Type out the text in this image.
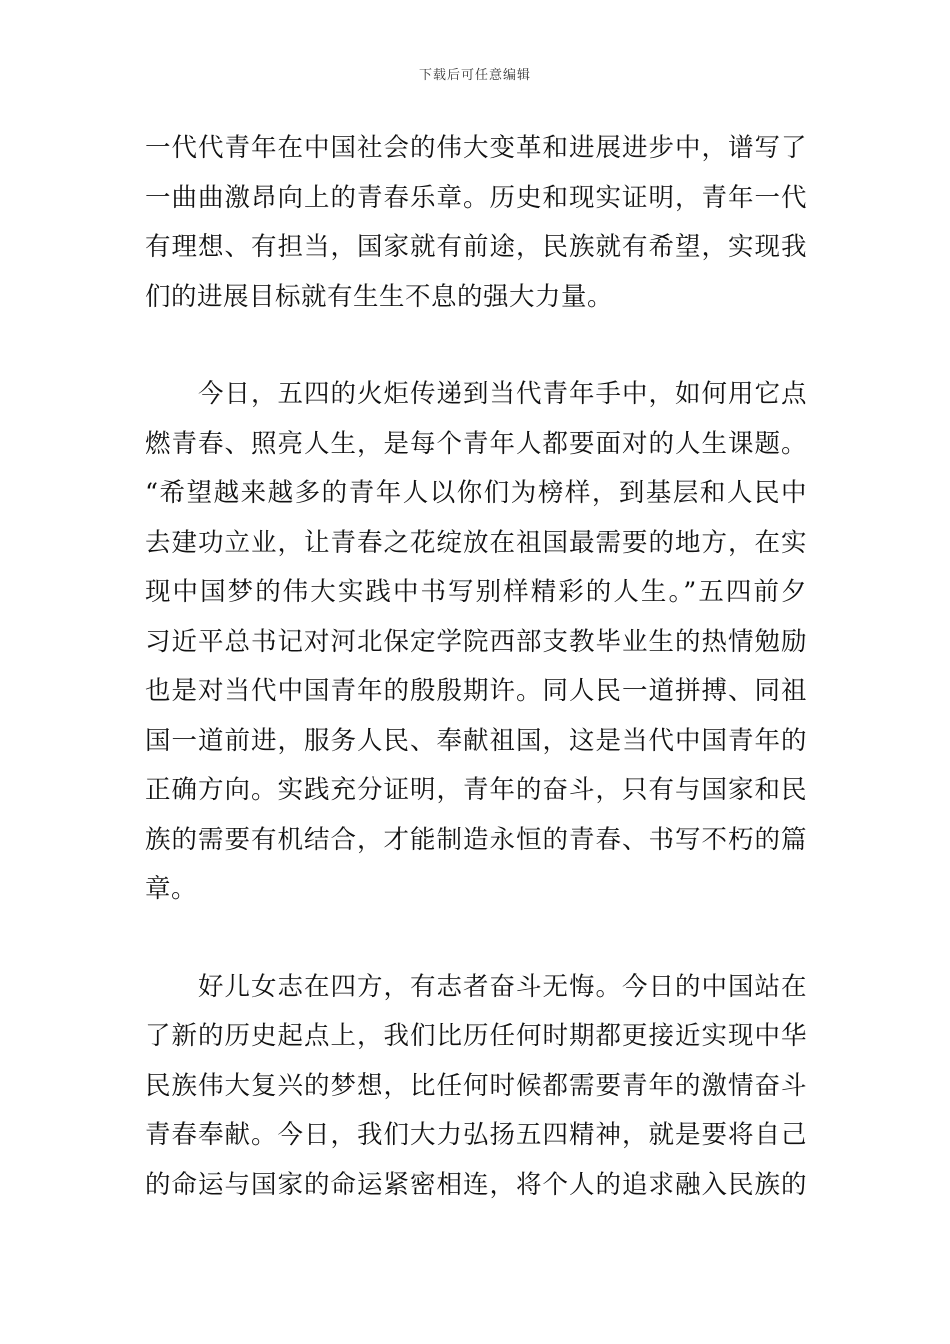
下载后可任意编辑
一代代青年在中国社会的伟大变革和进展进步中，谱写了
一曲曲激昂向上的青春乐章。历史和现实证明，青年一代
有理想、有担当，国家就有前途，民族就有希望，实现我
们的进展目标就有生生不息的强大力量。
　　今日，五四的火炬传递到当代青年手中，如何用它点
燃青春、照亮人生，是每个青年人都要面对的人生课题。
“希望越来越多的青年人以你们为榜样，到基层和人民中
去建功立业，让青春之花绽放在祖国最需要的地方，在实
现中国梦的伟大实践中书写别样精彩的人生。”五四前夕
习近平总书记对河北保定学院西部支教毕业生的热情勉励
也是对当代中国青年的殷殷期许。同人民一道拼搏、同祖
国一道前进，服务人民、奉献祖国，这是当代中国青年的
正确方向。实践充分证明，青年的奋斗，只有与国家和民
族的需要有机结合，才能制造永恒的青春、书写不朽的篇
章。
　　好儿女志在四方，有志者奋斗无悔。今日的中国站在
了新的历史起点上，我们比历任何时期都更接近实现中华
民族伟大复兴的梦想，比任何时候都需要青年的激情奋斗
青春奉献。今日，我们大力弘扬五四精神，就是要将自己
的命运与国家的命运紧密相连，将个人的追求融入民族的
